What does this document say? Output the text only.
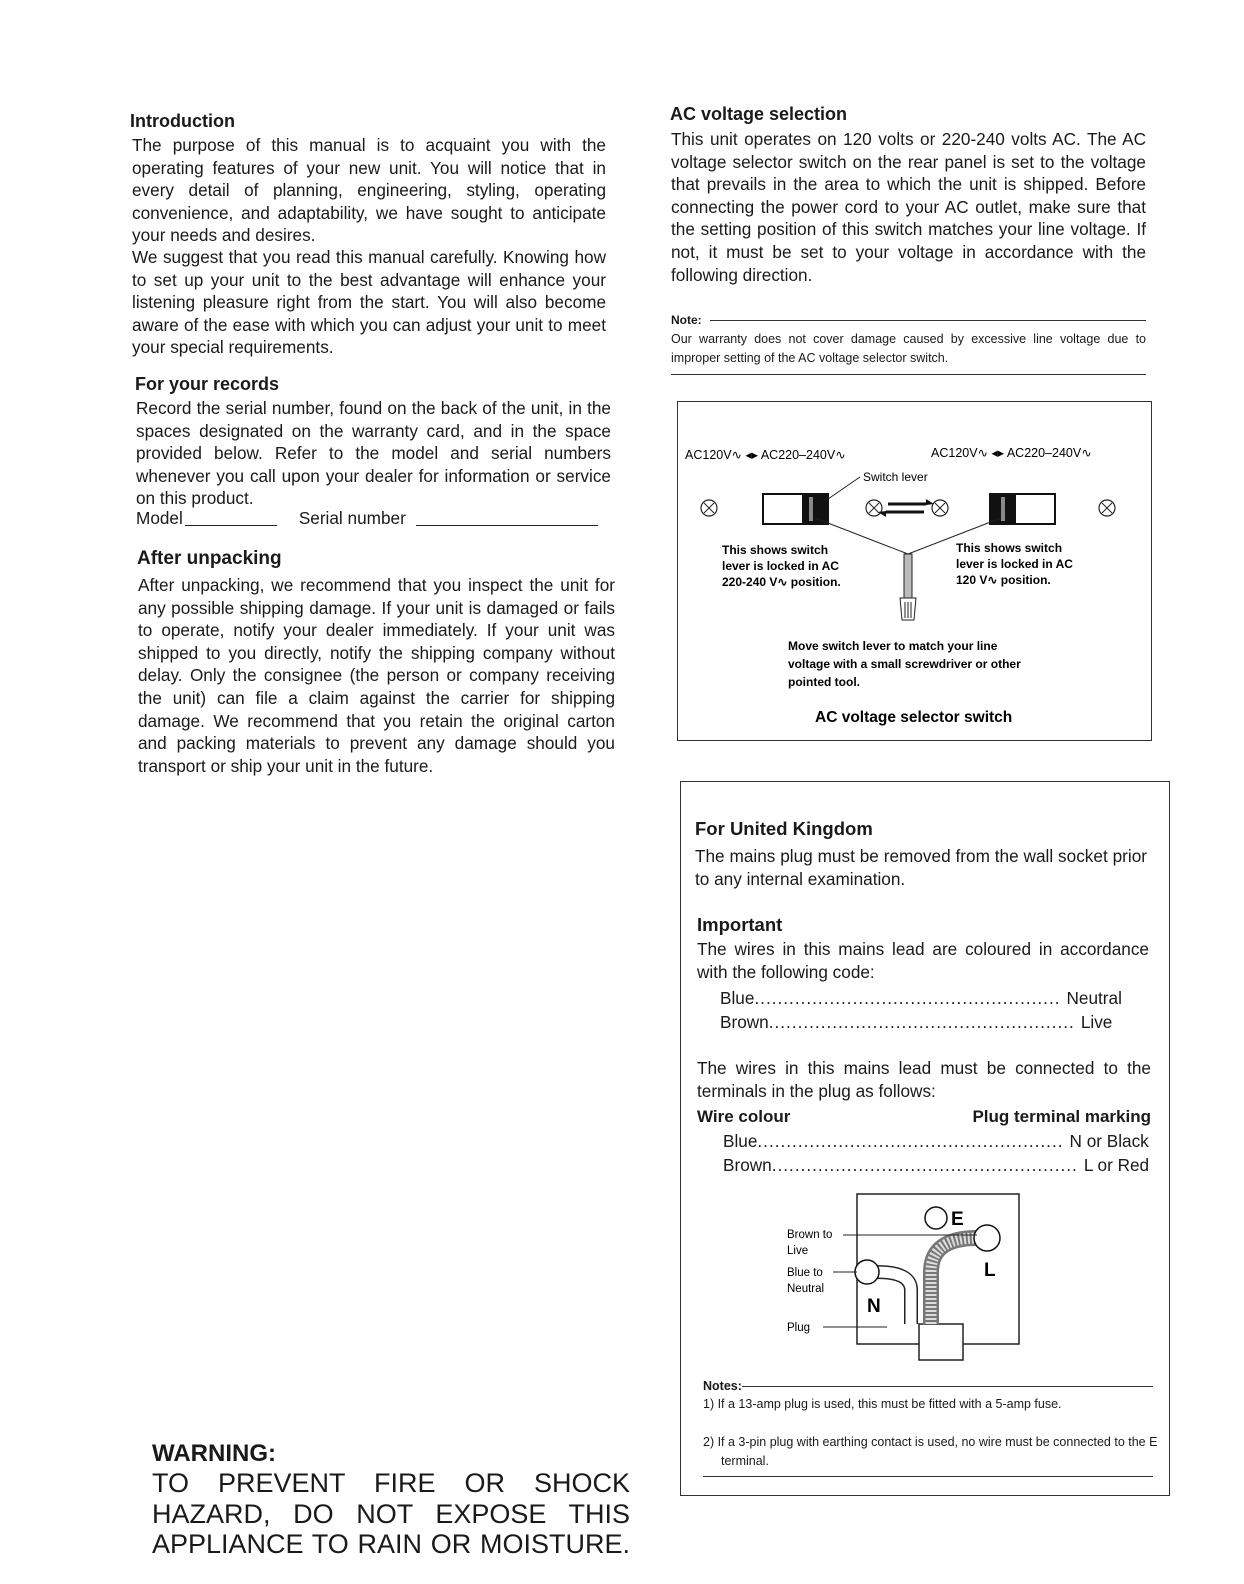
Introduction
The purpose of this manual is to acquaint you with the operating features of your new unit. You will notice that in every detail of planning, engineering, styling, operating convenience, and adaptability, we have sought to anticipate your needs and desires.
We suggest that you read this manual carefully. Knowing how to set up your unit to the best advantage will enhance your listening pleasure right from the start. You will also become aware of the ease with which you can adjust your unit to meet your special requirements.
For your records
Record the serial number, found on the back of the unit, in the spaces designated on the warranty card, and in the space provided below. Refer to the model and serial numbers whenever you call upon your dealer for information or service on this product.
Model	Serial number
After unpacking
After unpacking, we recommend that you inspect the unit for any possible shipping damage. If your unit is damaged or fails to operate, notify your dealer immediately. If your unit was shipped to you directly, notify the shipping company without delay. Only the consignee (the person or company receiving the unit) can file a claim against the carrier for shipping damage. We recommend that you retain the original carton and packing materials to prevent any damage should you transport or ship your unit in the future.
WARNING:
TO PREVENT FIRE OR SHOCK
HAZARD, DO NOT EXPOSE THIS
APPLIANCE TO RAIN OR MOISTURE.
AC voltage selection
This unit operates on 120 volts or 220-240 volts AC. The AC voltage selector switch on the rear panel is set to the voltage that prevails in the area to which the unit is shipped. Before connecting the power cord to your AC outlet, make sure that the setting position of this switch matches your line voltage. If not, it must be set to your voltage in accordance with the following direction.
Note:
Our warranty does not cover damage caused by excessive line voltage due to improper setting of the AC voltage selector switch.
AC120V∿ ◂▸ AC220–240V∿	AC120V∿ ◂▸ AC220–240V∿
Switch lever
This shows switch
lever is locked in AC
220-240 V∿ position.
This shows switch
lever is locked in AC
120 V∿ position.
Move switch lever to match your line
voltage with a small screwdriver or other
pointed tool.
AC voltage selector switch
For United Kingdom
The mains plug must be removed from the wall socket prior to any internal examination.
Important
The wires in this mains lead are coloured in accordance with the following code:
Blue ..................................................... Neutral
Brown ..................................................... Live
The wires in this mains lead must be connected to the terminals in the plug as follows:
Wire colour	Plug terminal marking
Blue ..................................................... N or Black
Brown ..................................................... L or Red
E
L
N
Brown to
Live
Blue to
Neutral
Plug
Notes:
1) If a 13-amp plug is used, this must be fitted with a 5-amp fuse.
2) If a 3-pin plug with earthing contact is used, no wire must be connected to the E terminal.
